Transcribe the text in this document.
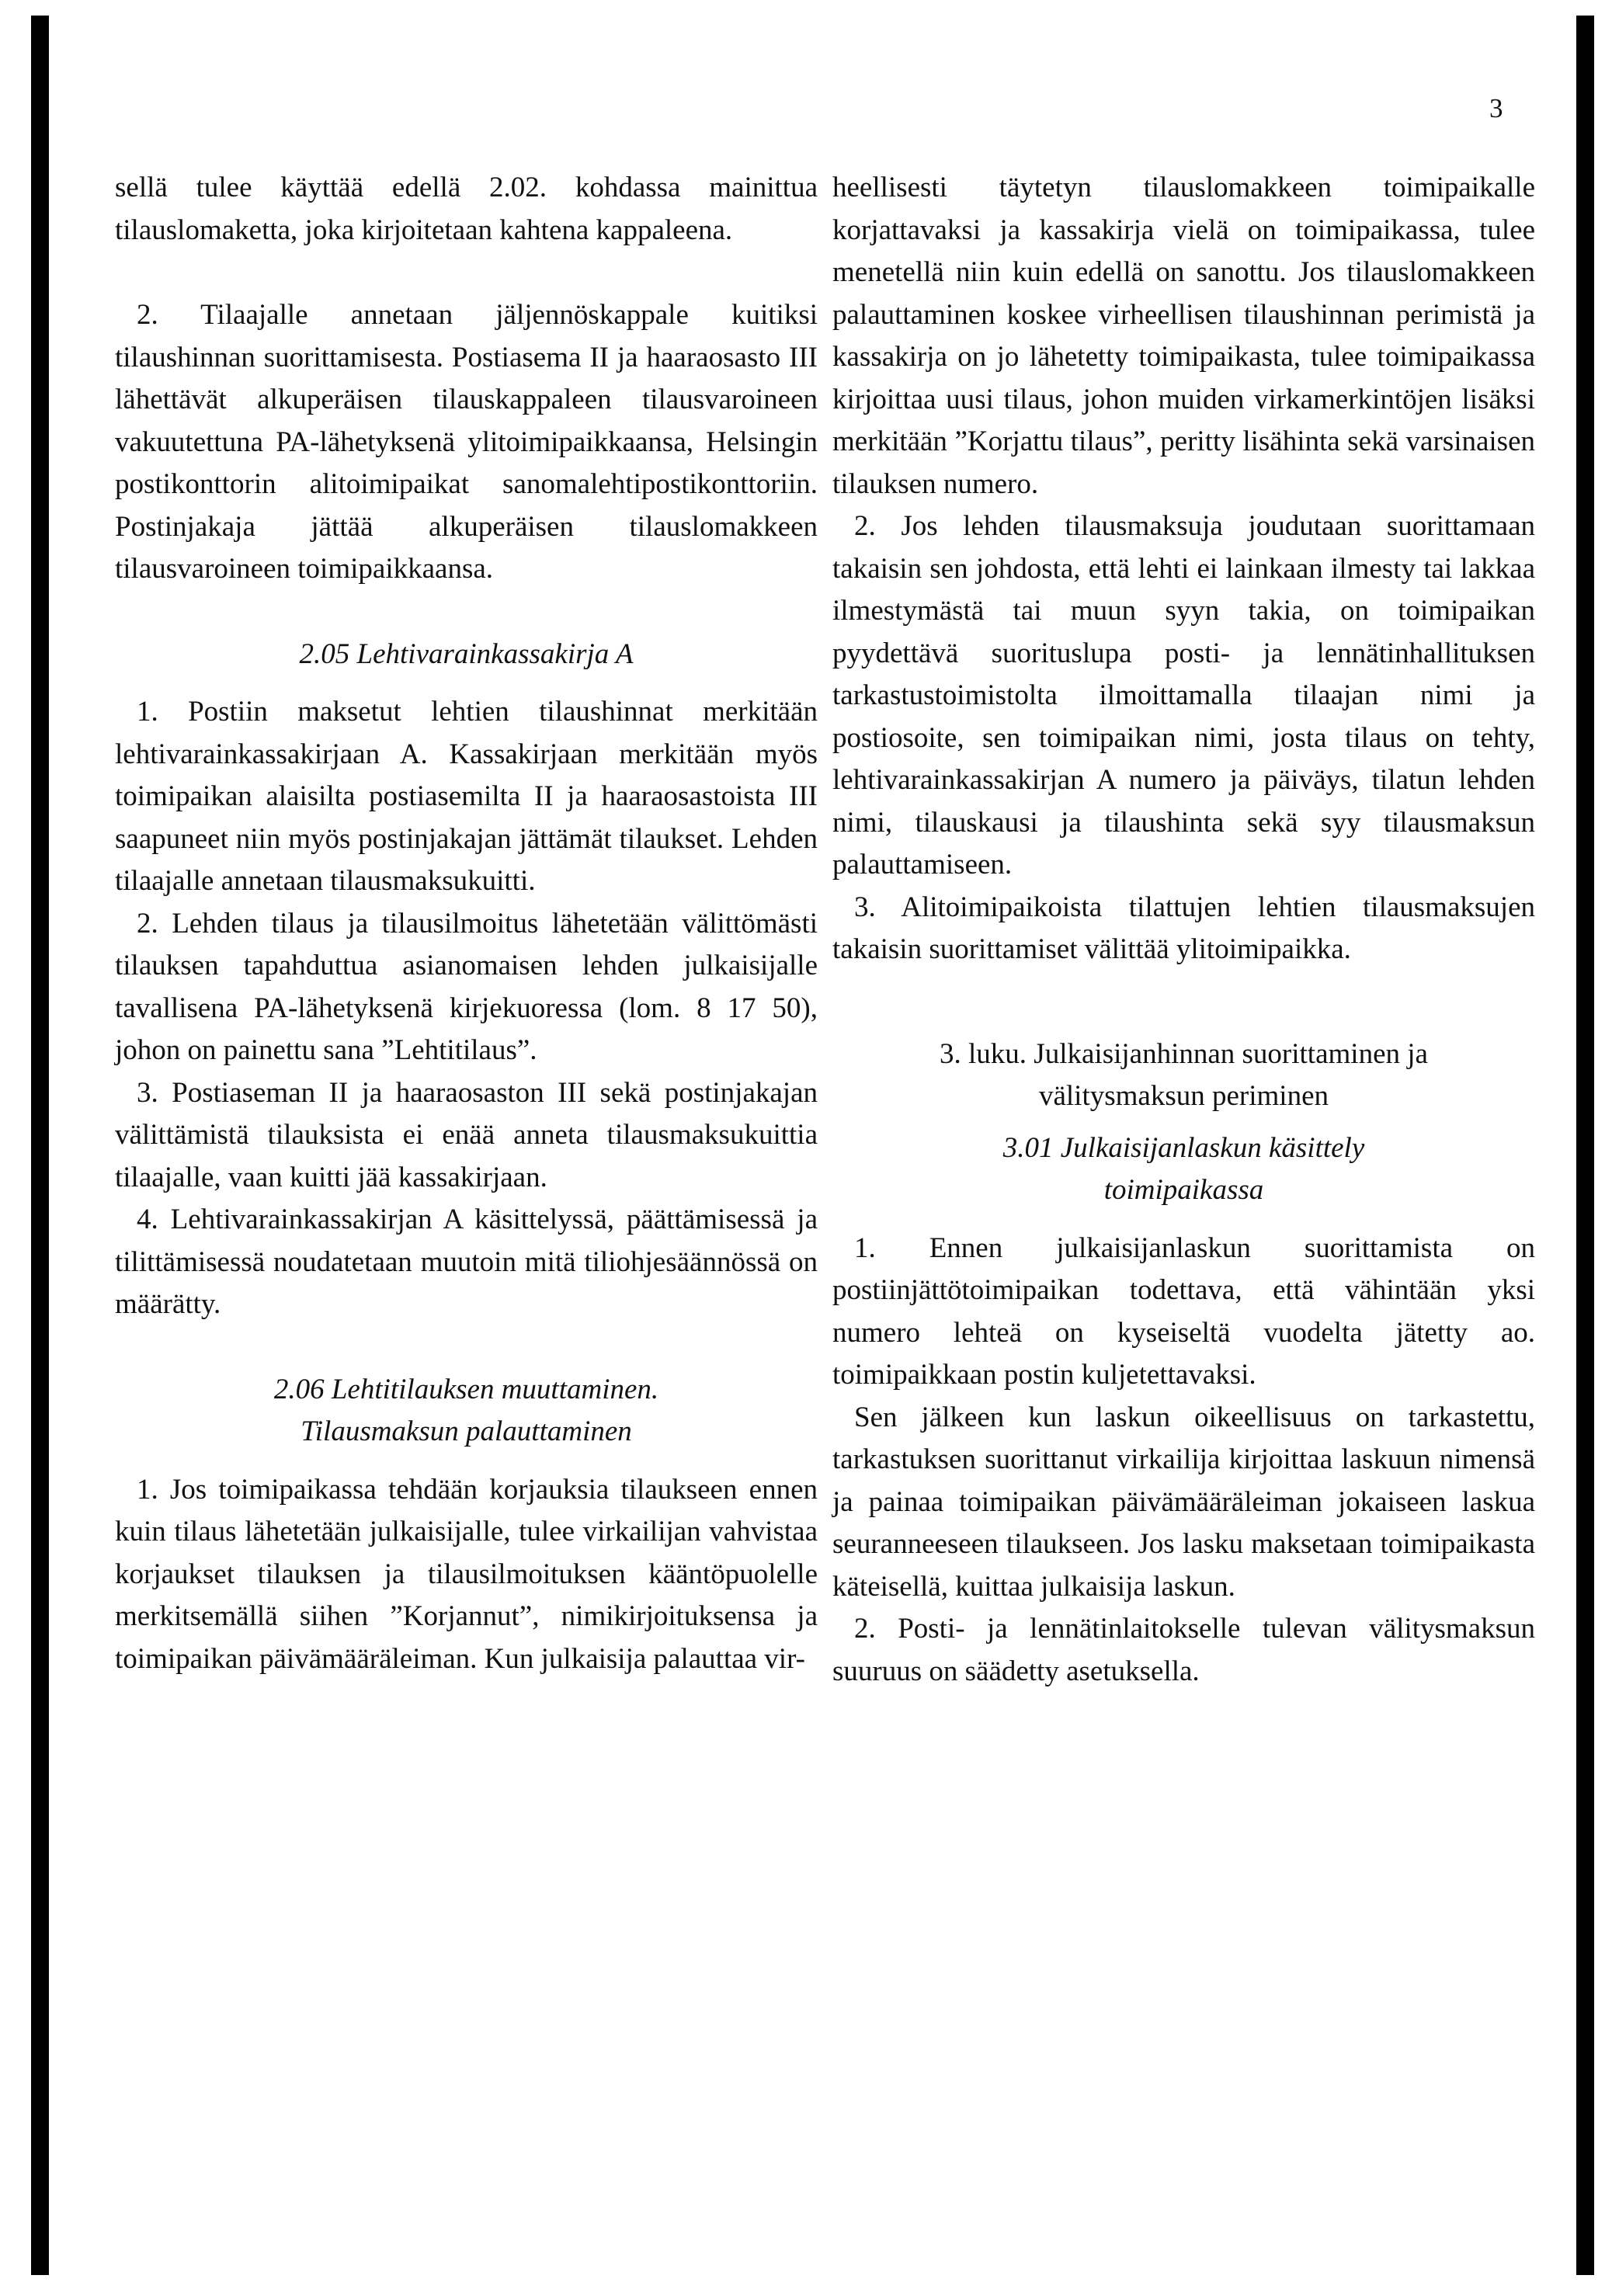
3

sellä tulee käyttää edellä 2.02. kohdassa mainittua tilauslomaketta, joka kirjoitetaan kahtena kappaleena.

2. Tilaajalle annetaan jäljennöskappale kuitiksi tilaushinnan suorittamisesta. Postiasema II ja haaraosasto III lähettävät alkuperäisen tilauskappaleen tilausvaroineen vakuutettuna PA-lähetyksenä ylitoimipaikkaansa, Helsingin postikonttorin alitoimipaikat sanomalehtipostikonttoriin. Postinjakaja jättää alkuperäisen tilauslomakkeen tilausvaroineen toimipaikkaansa.

2.05 Lehtivarainkassakirja A

1. Postiin maksetut lehtien tilaushinnat merkitään lehtivarainkassakirjaan A. Kassakirjaan merkitään myös toimipaikan alaisilta postiasemilta II ja haaraosastoista III saapuneet niin myös postinjakajan jättämät tilaukset. Lehden tilaajalle annetaan tilausmaksukuitti.

2. Lehden tilaus ja tilausilmoitus lähetetään välittömästi tilauksen tapahduttua asianomaisen lehden julkaisijalle tavallisena PA-lähetyksenä kirjekuoressa (lom. 8 17 50), johon on painettu sana ”Lehtitilaus”.

3. Postiaseman II ja haaraosaston III sekä postinjakajan välittämistä tilauksista ei enää anneta tilausmaksukuittia tilaajalle, vaan kuitti jää kassakirjaan.

4. Lehtivarainkassakirjan A käsittelyssä, päättämisessä ja tilittämisessä noudatetaan muutoin mitä tiliohjesäännössä on määrätty.

2.06 Lehtitilauksen muuttaminen.

Tilausmaksun palauttaminen

1. Jos toimipaikassa tehdään korjauksia tilaukseen ennen kuin tilaus lähetetään julkaisijalle, tulee virkailijan vahvistaa korjaukset tilauksen ja tilausilmoituksen kääntöpuolelle merkitsemällä siihen ”Korjannut”, nimikirjoituksensa ja toimipaikan päivämääräleiman. Kun julkaisija palauttaa vir-

heellisesti täytetyn tilauslomakkeen toimipaikalle korjattavaksi ja kassakirja vielä on toimipaikassa, tulee menetellä niin kuin edellä on sanottu. Jos tilauslomakkeen palauttaminen koskee virheellisen tilaushinnan perimistä ja kassakirja on jo lähetetty toimipaikasta, tulee toimipaikassa kirjoittaa uusi tilaus, johon muiden virkamerkintöjen lisäksi merkitään ”Korjattu tilaus”, peritty lisähinta sekä varsinaisen tilauksen numero.

2. Jos lehden tilausmaksuja joudutaan suorittamaan takaisin sen johdosta, että lehti ei lainkaan ilmesty tai lakkaa ilmestymästä tai muun syyn takia, on toimipaikan pyydettävä suorituslupa posti- ja lennätinhallituksen tarkastustoimistolta ilmoittamalla tilaajan nimi ja postiosoite, sen toimipaikan nimi, josta tilaus on tehty, lehtivarainkassakirjan A numero ja päiväys, tilatun lehden nimi, tilauskausi ja tilaushinta sekä syy tilausmaksun palauttamiseen.

3. Alitoimipaikoista tilattujen lehtien tilausmaksujen takaisin suorittamiset välittää ylitoimipaikka.

3. luku. Julkaisijanhinnan suorittaminen ja

välitysmaksun periminen

3.01 Julkaisijanlaskun käsittely

toimipaikassa

1. Ennen julkaisijanlaskun suorittamista on postiinjättötoimipaikan todettava, että vähintään yksi numero lehteä on kyseiseltä vuodelta jätetty ao. toimipaikkaan postin kuljetettavaksi.

Sen jälkeen kun laskun oikeellisuus on tarkastettu, tarkastuksen suorittanut virkailija kirjoittaa laskuun nimensä ja painaa toimipaikan päivämääräleiman jokaiseen laskua seuranneeseen tilaukseen. Jos lasku maksetaan toimipaikasta käteisellä, kuittaa julkaisija laskun.

2. Posti- ja lennätinlaitokselle tulevan välitysmaksun suuruus on säädetty asetuksella.
